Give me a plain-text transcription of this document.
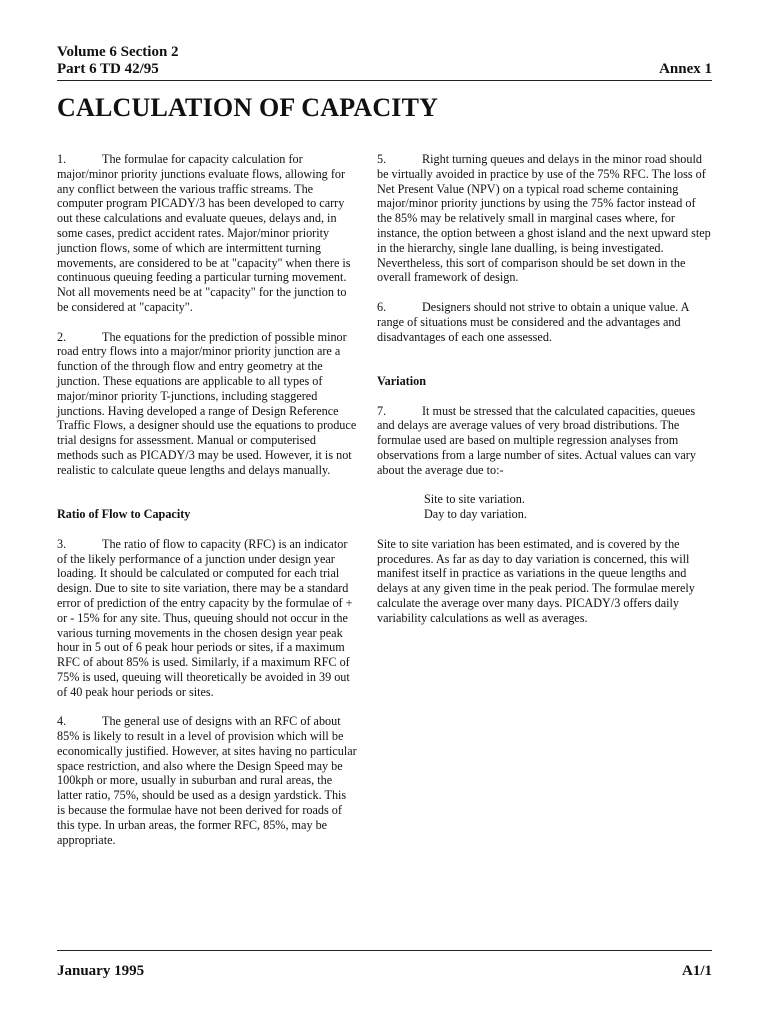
Volume 6 Section 2
Part 6 TD 42/95	Annex 1
CALCULATION OF CAPACITY

1.	The formulae for capacity calculation for major/minor priority junctions evaluate flows, allowing for any conflict between the various traffic streams. The computer program PICADY/3 has been developed to carry out these calculations and evaluate queues, delays and, in some cases, predict accident rates. Major/minor priority junction flows, some of which are intermittent turning movements, are considered to be at "capacity" when there is continuous queuing feeding a particular turning movement. Not all movements need be at "capacity" for the junction to be considered at "capacity".

2.	The equations for the prediction of possible minor road entry flows into a major/minor priority junction are a function of the through flow and entry geometry at the junction. These equations are applicable to all types of major/minor priority T-junctions, including staggered junctions. Having developed a range of Design Reference Traffic Flows, a designer should use the equations to produce trial designs for assessment. Manual or computerised methods such as PICADY/3 may be used. However, it is not realistic to calculate queue lengths and delays manually.

Ratio of Flow to Capacity

3.	The ratio of flow to capacity (RFC) is an indicator of the likely performance of a junction under design year loading. It should be calculated or computed for each trial design. Due to site to site variation, there may be a standard error of prediction of the entry capacity by the formulae of + or - 15% for any site. Thus, queuing should not occur in the various turning movements in the chosen design year peak hour in 5 out of 6 peak hour periods or sites, if a maximum RFC of about 85% is used. Similarly, if a maximum RFC of 75% is used, queuing will theoretically be avoided in 39 out of 40 peak hour periods or sites.

4.	The general use of designs with an RFC of about 85% is likely to result in a level of provision which will be economically justified. However, at sites having no particular space restriction, and also where the Design Speed may be 100kph or more, usually in suburban and rural areas, the latter ratio, 75%, should be used as a design yardstick. This is because the formulae have not been derived for roads of this type. In urban areas, the former RFC, 85%, may be appropriate.

5.	Right turning queues and delays in the minor road should be virtually avoided in practice by use of the 75% RFC. The loss of Net Present Value (NPV) on a typical road scheme containing major/minor priority junctions by using the 75% factor instead of the 85% may be relatively small in marginal cases where, for instance, the option between a ghost island and the next upward step in the hierarchy, single lane dualling, is being investigated. Nevertheless, this sort of comparison should be set down in the overall framework of design.

6.	Designers should not strive to obtain a unique value. A range of situations must be considered and the advantages and disadvantages of each one assessed.

Variation

7.	It must be stressed that the calculated capacities, queues and delays are average values of very broad distributions. The formulae used are based on multiple regression analyses from observations from a large number of sites. Actual values can vary about the average due to:-

Site to site variation.
Day to day variation.

Site to site variation has been estimated, and is covered by the procedures. As far as day to day variation is concerned, this will manifest itself in practice as variations in the queue lengths and delays at any given time in the peak period. The formulae merely calculate the average over many days. PICADY/3 offers daily variability calculations as well as averages.

January 1995	A1/1
